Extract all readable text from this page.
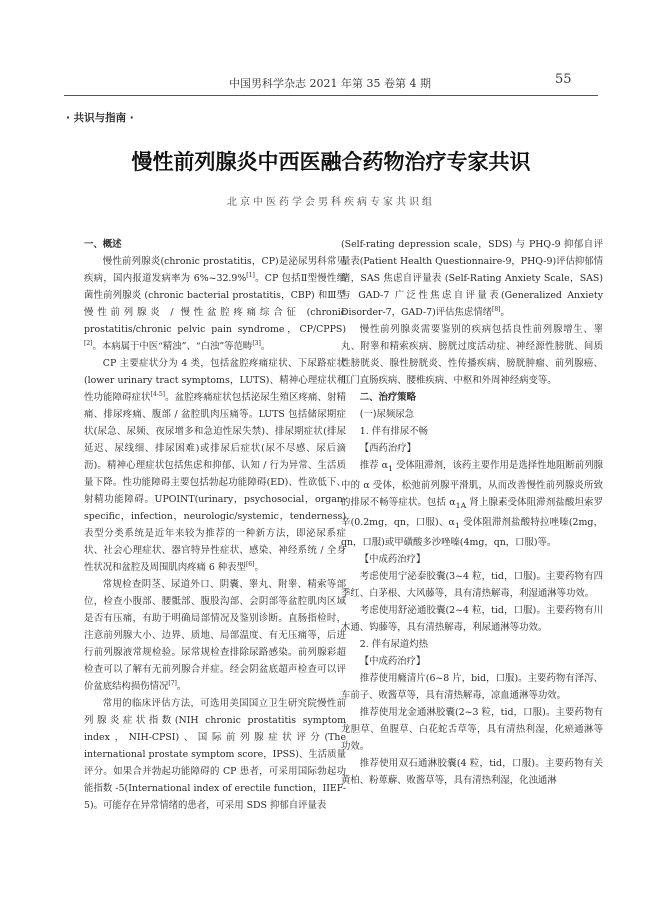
中国男科学杂志 2021 年第 35 卷第 4 期	55
· 共识与指南 ·
慢性前列腺炎中西医融合药物治疗专家共识
北京中医药学会男科疾病专家共识组

一、概述

慢性前列腺炎(chronic prostatitis，CP)是泌尿男科常见疾病，国内报道发病率为 6%~32.9%[1]。CP 包括Ⅱ型慢性细菌性前列腺炎 (chronic bacterial prostatitis，CBP) 和Ⅲ型慢性前列腺炎 / 慢性盆腔疼痛综合征 (chronic prostatitis/chronic pelvic pain syndrome，CP/CPPS)[2]。本病属于中医“精浊”、“白浊”等范畴[3]。

CP 主要症状分为 4 类，包括盆腔疼痛症状、下尿路症状(lower urinary tract symptoms，LUTS)、精神心理症状和性功能障碍症状[4-5]。盆腔疼痛症状包括泌尿生殖区疼痛、射精痛、排尿疼痛、腹部 / 盆腔肌肉压痛等。LUTS 包括储尿期症状(尿急、尿频、夜尿增多和急迫性尿失禁)、排尿期症状(排尿延迟、尿线细、排尿困难)或排尿后症状(尿不尽感、尿后滴沥)。精神心理症状包括焦虑和抑郁、认知 / 行为异常、生活质量下降。性功能障碍主要包括勃起功能障碍(ED)、性欲低下、射精功能障碍。UPOINT(urinary，psychosocial，organ-specific，infection，neurologic/systemic，tenderness)表型分类系统是近年来较为推荐的一种新方法，即泌尿系症状、社会心理症状、器官特异性症状、感染、神经系统 / 全身性状况和盆腔及周围肌肉疼痛 6 种表型[6]。

常规检查阴茎、尿道外口、阴囊、睾丸、附睾、精索等部位，检查小腹部、腰骶部、腹股沟部、会阴部等盆腔肌肉区域是否有压痛，有助于明确局部情况及鉴别诊断。直肠指检时，注意前列腺大小、边界、质地、局部温度、有无压痛等，后进行前列腺液常规检验。尿常规检查排除尿路感染。前列腺彩超检查可以了解有无前列腺合并症。经会阴盆底超声检查可以评价盆底结构损伤情况[7]。

常用的临床评估方法，可选用美国国立卫生研究院慢性前列腺炎症状指数(NIH chronic prostatitis symptom index，NIH-CPSI)、国际前列腺症状评分(The international prostate symptom score，IPSS)、生活质量评分。如果合并勃起功能障碍的 CP 患者，可采用国际勃起功能指数 -5(International index of erectile function，IIEF-5)。可能存在异常情绪的患者，可采用 SDS 抑郁自评量表

(Self-rating depression scale，SDS) 与 PHQ-9 抑郁自评量表(Patient Health Questionnaire-9，PHQ-9)评估抑郁情绪，SAS 焦虑自评量表 (Self-Rating Anxiety Scale，SAS)与 GAD-7 广泛性焦虑自评量表(Generalized Anxiety Disorder-7，GAD-7)评估焦虑情绪[8]。

慢性前列腺炎需要鉴别的疾病包括良性前列腺增生、睾丸、附睾和精索疾病、膀胱过度活动症、神经源性膀胱、间质性膀胱炎、腺性膀胱炎、性传播疾病、膀胱肿瘤、前列腺癌、肛门直肠疾病、腰椎疾病、中枢和外周神经病变等。

二、治疗策略

(一)尿频尿急

1. 伴有排尿不畅

【西药治疗】

推荐 $\alpha_1$ 受体阻滞剂，该药主要作用是选择性地阻断前列腺中的 α 受体，松弛前列腺平滑肌，从而改善慢性前列腺炎所致的排尿不畅等症状。包括 $\alpha_{1A}$ 肾上腺素受体阻滞剂盐酸坦索罗辛(0.2mg，qn，口服)、$\alpha_1$ 受体阻滞剂盐酸特拉唑嗪(2mg，qn，口服)或甲磺酸多沙唑嗪(4mg，qn，口服)等。

【中成药治疗】

考虑使用宁泌泰胶囊(3~4 粒，tid，口服)。主要药物有四季红、白茅根、大风藤等，具有清热解毒，利湿通淋等功效。

考虑使用舒泌通胶囊(2~4 粒，tid，口服)。主要药物有川木通、钩藤等，具有清热解毒，利尿通淋等功效。

2. 伴有尿道灼热

【中成药治疗】

推荐使用癃清片(6~8 片，bid，口服)。主要药物有泽泻、车前子、败酱草等，具有清热解毒，凉血通淋等功效。

推荐使用龙金通淋胶囊(2~3 粒，tid，口服)。主要药物有龙胆草、鱼腥草、白花蛇舌草等，具有清热利湿，化瘀通淋等功效。

推荐使用双石通淋胶囊(4 粒，tid，口服)。主要药物有关黄柏、粉萆薢、败酱草等，具有清热利湿，化浊通淋
